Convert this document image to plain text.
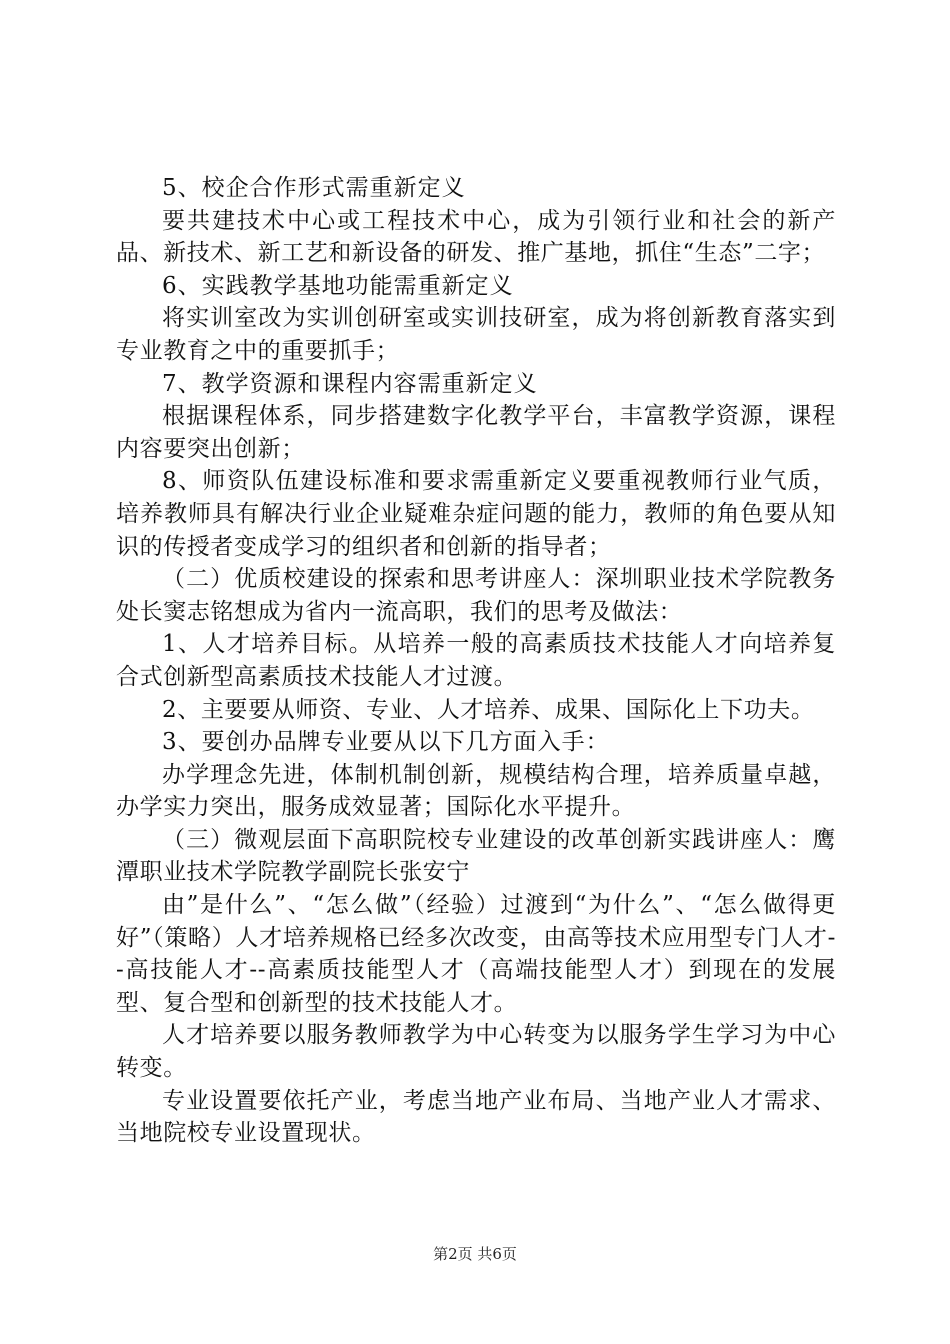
5、校企合作形式需重新定义

要共建技术中心或工程技术中心，成为引领行业和社会的新产品、新技术、新工艺和新设备的研发、推广基地，抓住“生态”二字；

6、实践教学基地功能需重新定义

将实训室改为实训创研室或实训技研室，成为将创新教育落实到专业教育之中的重要抓手；

7、教学资源和课程内容需重新定义

根据课程体系，同步搭建数字化教学平台，丰富教学资源，课程内容要突出创新；

8、师资队伍建设标准和要求需重新定义要重视教师行业气质，培养教师具有解决行业企业疑难杂症问题的能力，教师的角色要从知识的传授者变成学习的组织者和创新的指导者；

（二）优质校建设的探索和思考讲座人：深圳职业技术学院教务处长窦志铭想成为省内一流高职，我们的思考及做法：

1、人才培养目标。从培养一般的高素质技术技能人才向培养复合式创新型高素质技术技能人才过渡。

2、主要要从师资、专业、人才培养、成果、国际化上下功夫。

3、要创办品牌专业要从以下几方面入手：

办学理念先进，体制机制创新，规模结构合理，培养质量卓越，办学实力突出，服务成效显著；国际化水平提升。

（三）微观层面下高职院校专业建设的改革创新实践讲座人：鹰潭职业技术学院教学副院长张安宁

由”是什么”、“怎么做”（经验）过渡到“为什么”、“怎么做得更好”（策略）人才培养规格已经多次改变，由高等技术应用型专门人才--高技能人才--高素质技能型人才（高端技能型人才）到现在的发展型、复合型和创新型的技术技能人才。

人才培养要以服务教师教学为中心转变为以服务学生学习为中心转变。

专业设置要依托产业，考虑当地产业布局、当地产业人才需求、当地院校专业设置现状。

第2页 共6页
